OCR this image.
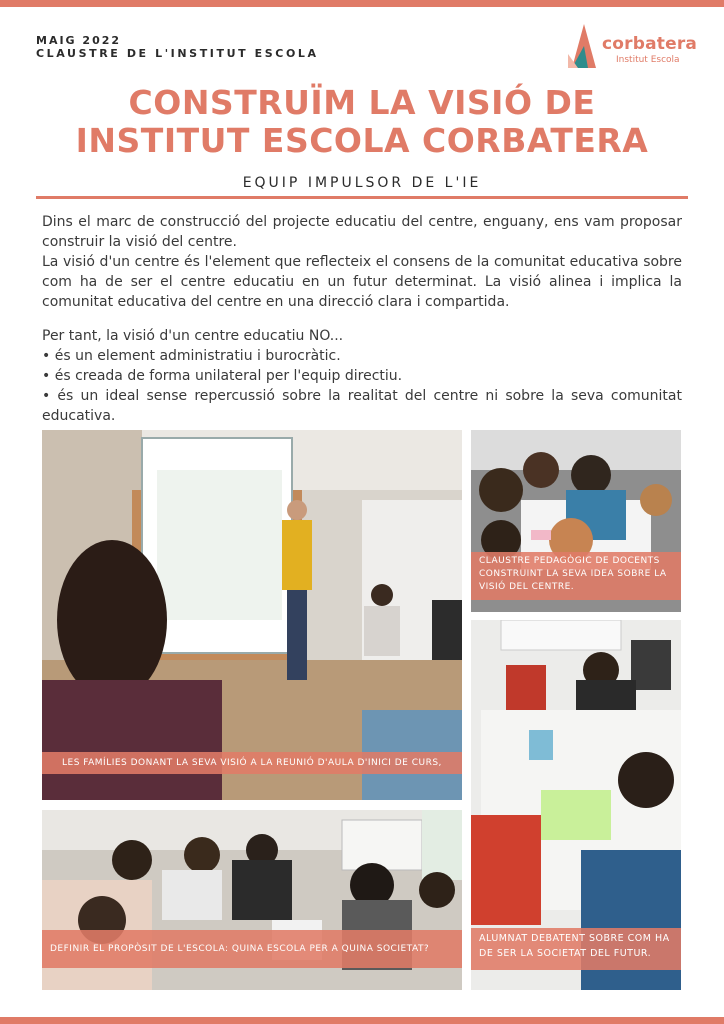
MAIG 2022
CLAUSTRE DE L'INSTITUT ESCOLA	corbatera
Institut Escola
CONSTRUÏM LA VISIÓ DE
INSTITUT ESCOLA CORBATERA
EQUIP IMPULSOR DE L'IE

Dins el marc de construcció del projecte educatiu del centre, enguany, ens vam proposar construir la visió del centre.

La visió d'un centre és l'element que reflecteix el consens de la comunitat educativa sobre com ha de ser el centre educatiu en un futur determinat. La visió alinea i implica la comunitat educativa del centre en una direcció clara i compartida.

Per tant, la visió d'un centre educatiu NO...

• és un element administratiu i burocràtic.

• és creada de forma unilateral per l'equip directiu.

• és un ideal sense repercussió sobre la realitat del centre ni sobre la seva comunitat educativa.

LES FAMÍLIES DONANT LA SEVA VISIÓ A LA REUNIÓ D'AULA D'INICI DE CURS,
CLAUSTRE PEDAGÒGIC DE DOCENTS CONSTRUINT LA SEVA IDEA SOBRE LA VISIÓ DEL CENTRE.
ALUMNAT DEBATENT SOBRE COM HA DE SER LA SOCIETAT DEL FUTUR.
DEFINIR EL PROPÒSIT DE L'ESCOLA: QUINA ESCOLA PER A QUINA SOCIETAT?
